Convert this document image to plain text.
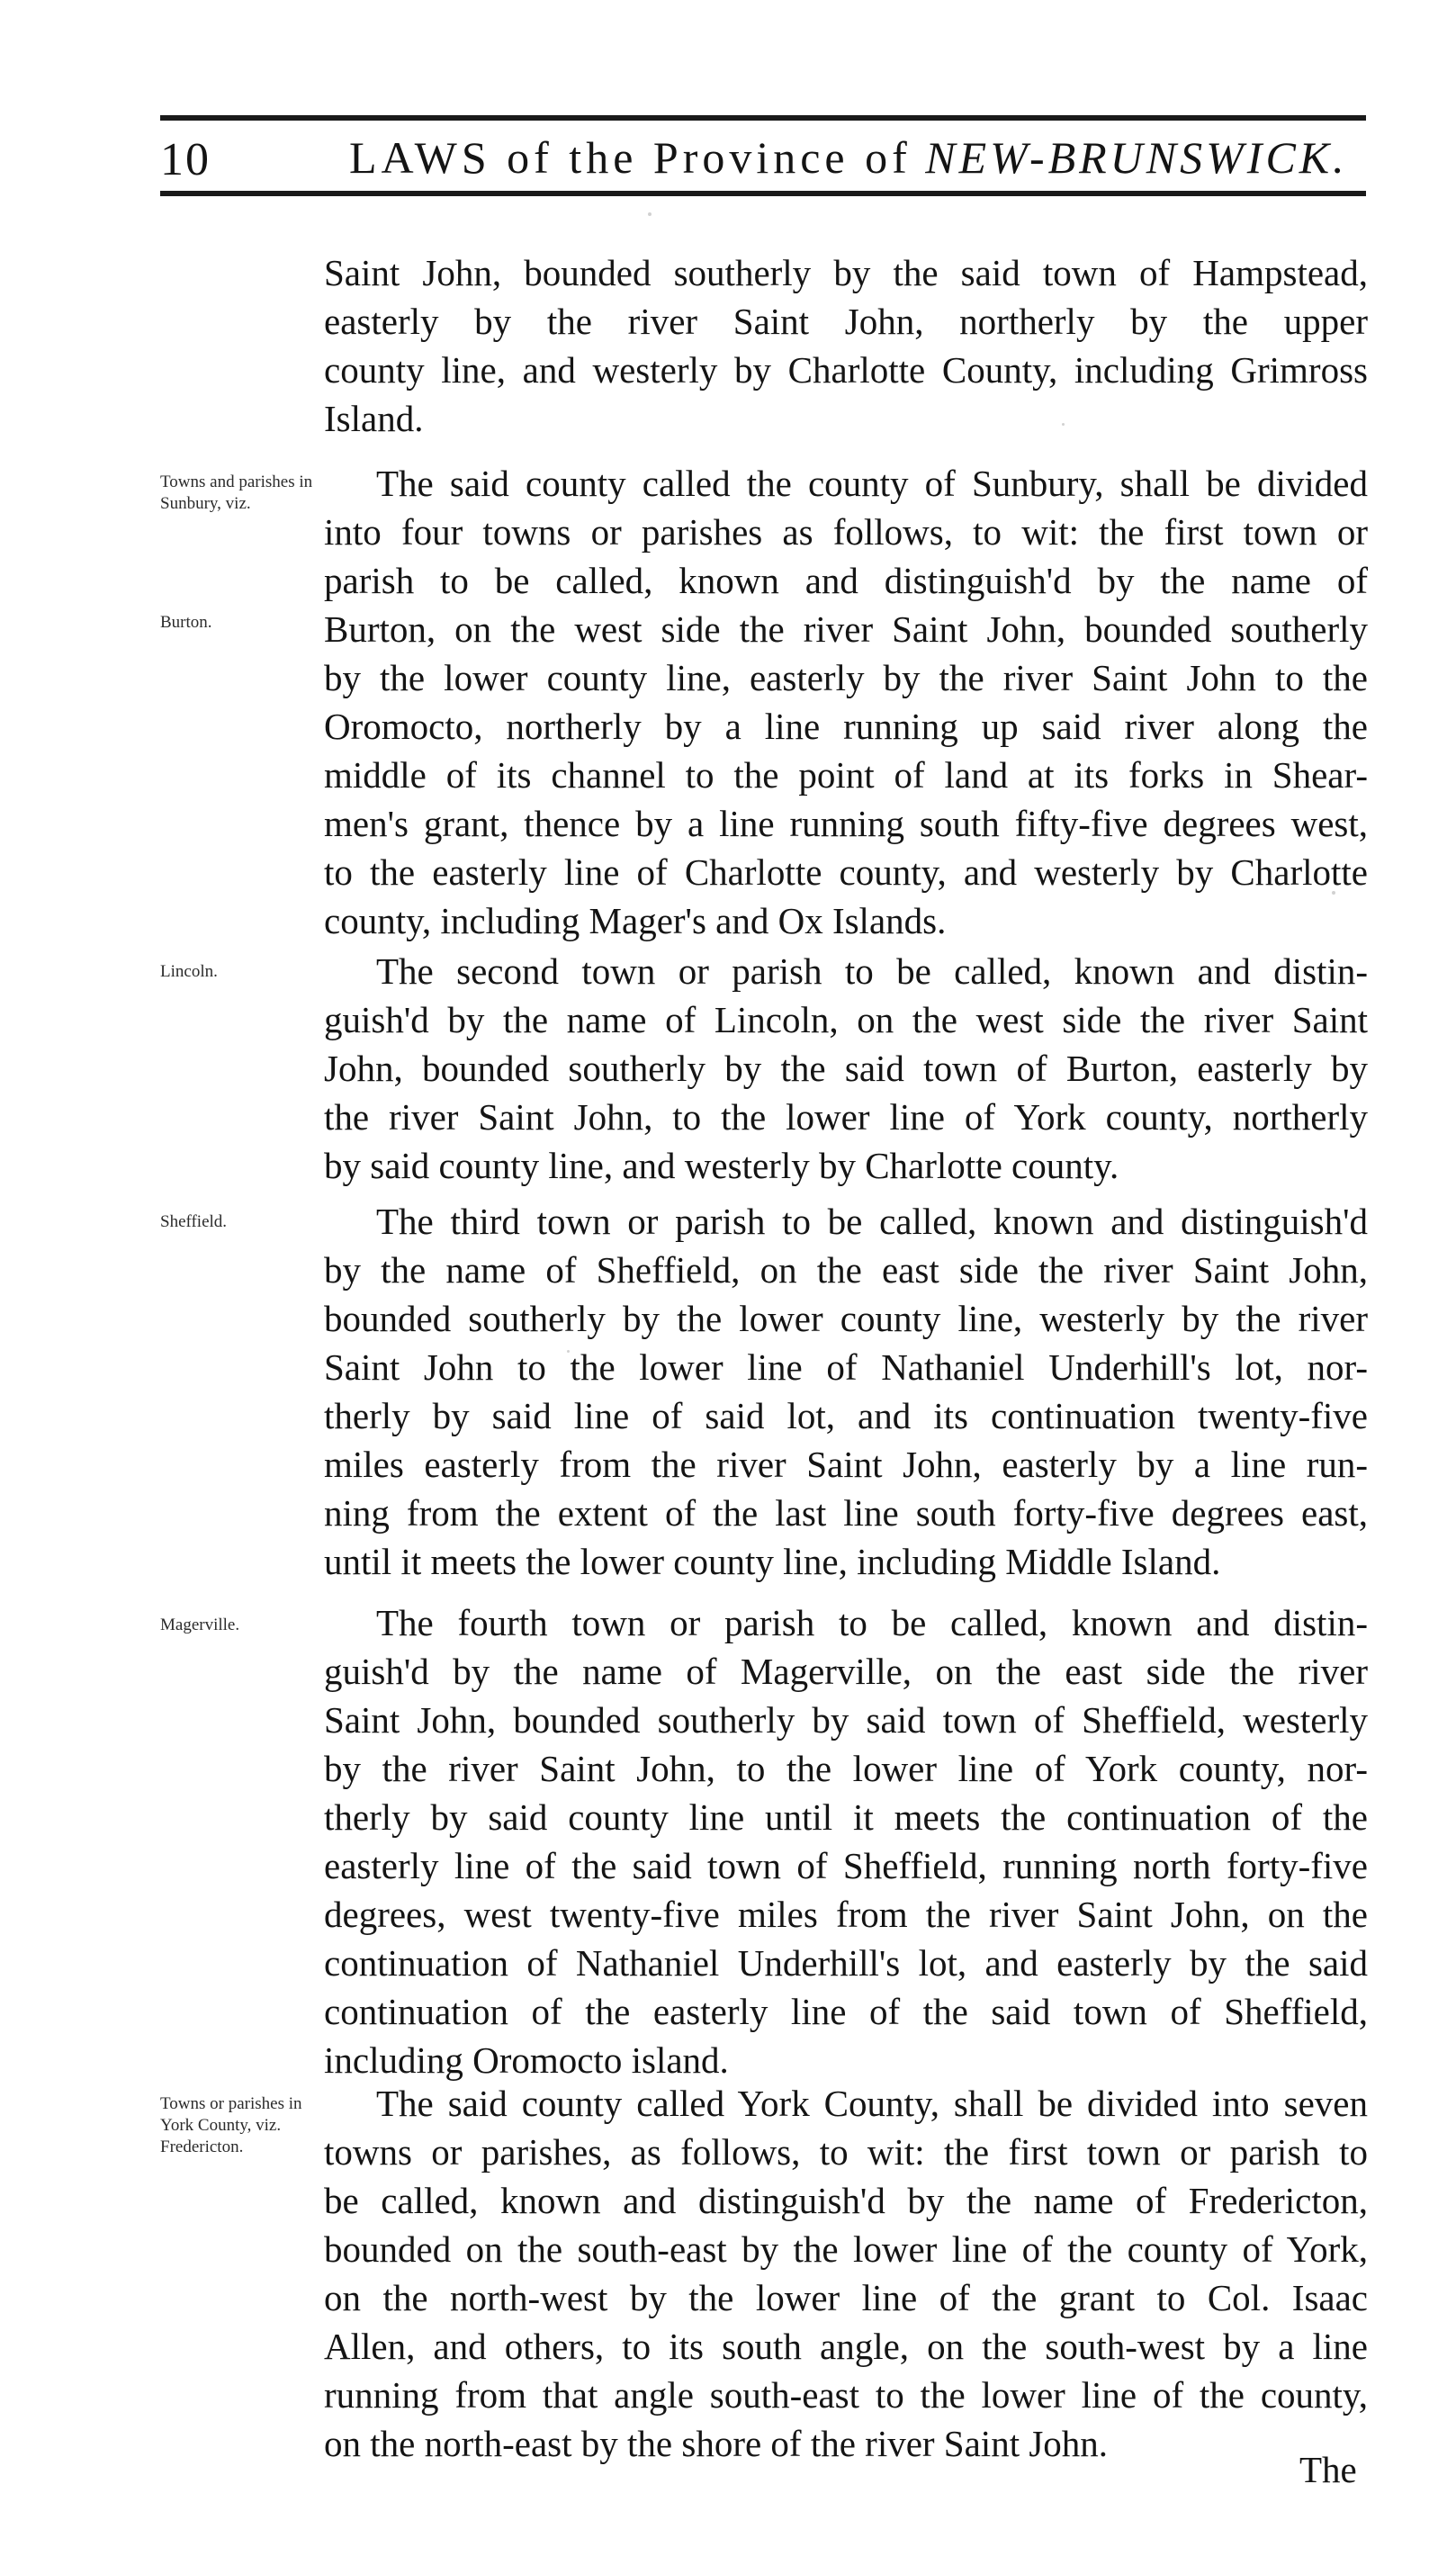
10	LAWS of the Province of NEW-BRUNSWICK.
Saint John, bounded southerly by the said town of Hampstead,
easterly by the river Saint John, northerly by the upper
county line, and westerly by Charlotte County, including Grimross
Island.
Towns and parishes in Sunbury, viz.
Burton.
The said county called the county of Sunbury, shall be divided
into four towns or parishes as follows, to wit: the first town or
parish to be called, known and distinguish'd by the name of
Burton, on the west side the river Saint John, bounded southerly
by the lower county line, easterly by the river Saint John to the
Oromocto, northerly by a line running up said river along the
middle of its channel to the point of land at its forks in Shear-
men's grant, thence by a line running south fifty-five degrees west,
to the easterly line of Charlotte county, and westerly by Charlotte
county, including Mager's and Ox Islands.
Lincoln.	The second town or parish to be called, known and distin-
guish'd by the name of Lincoln, on the west side the river Saint
John, bounded southerly by the said town of Burton, easterly by
the river Saint John, to the lower line of York county, northerly
by said county line, and westerly by Charlotte county.
Sheffield.	The third town or parish to be called, known and distinguish'd
by the name of Sheffield, on the east side the river Saint John,
bounded southerly by the lower county line, westerly by the river
Saint John to the lower line of Nathaniel Underhill's lot, nor-
therly by said line of said lot, and its continuation twenty-five
miles easterly from the river Saint John, easterly by a line run-
ning from the extent of the last line south forty-five degrees east,
until it meets the lower county line, including Middle Island.
Magerville.	The fourth town or parish to be called, known and distin-
guish'd by the name of Magerville, on the east side the river
Saint John, bounded southerly by said town of Sheffield, westerly
by the river Saint John, to the lower line of York county, nor-
therly by said county line until it meets the continuation of the
easterly line of the said town of Sheffield, running north forty-five
degrees, west twenty-five miles from the river Saint John, on the
continuation of Nathaniel Underhill's lot, and easterly by the said
continuation of the easterly line of the said town of Sheffield,
including Oromocto island.
Towns or parishes in York County, viz. Fredericton.
The said county called York County, shall be divided into seven
towns or parishes, as follows, to wit: the first town or parish to
be called, known and distinguish'd by the name of Fredericton,
bounded on the south-east by the lower line of the county of York,
on the north-west by the lower line of the grant to Col. Isaac
Allen, and others, to its south angle, on the south-west by a line
running from that angle south-east to the lower line of the county,
on the north-east by the shore of the river Saint John.
The
